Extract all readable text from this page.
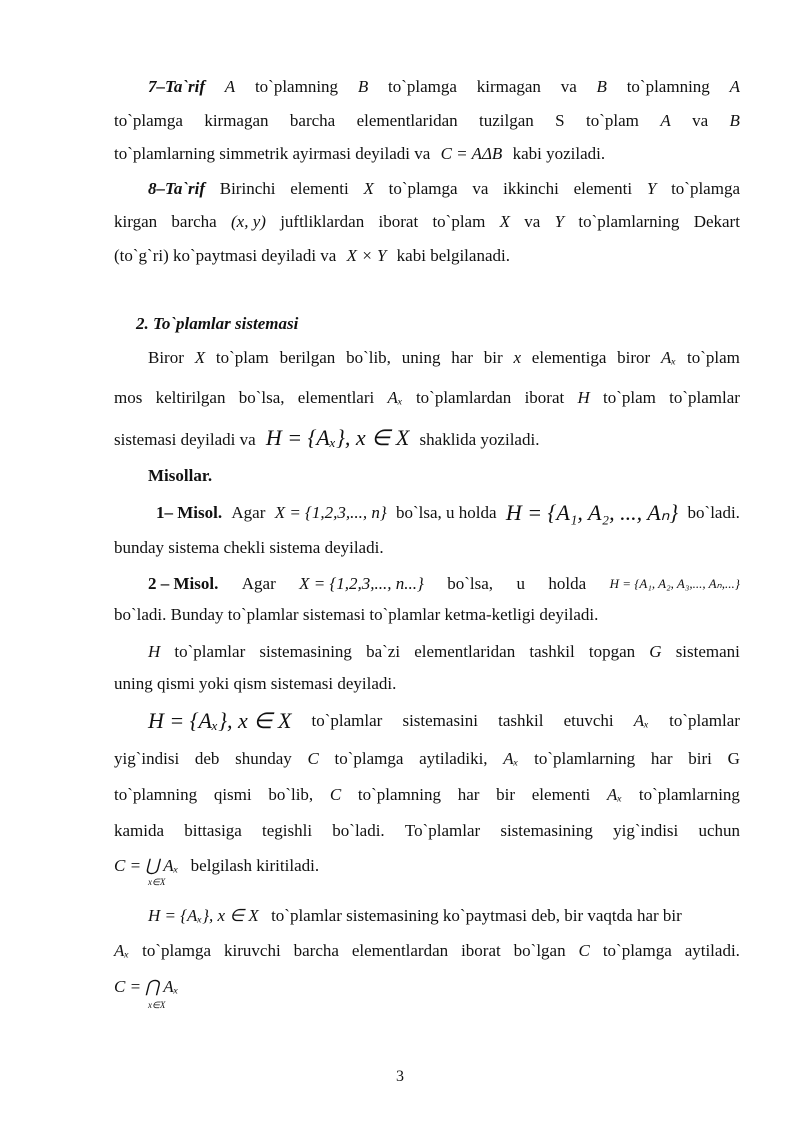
7–Ta`rif A to`plamning B to`plamga kirmagan va B to`plamning A
to`plamga kirmagan barcha elementlaridan tuzilgan S to`plam A va B
to`plamlarning simmetrik ayirmasi deyiladi va C = AΔB kabi yoziladi.
8–Ta`rif Birinchi elementi X to`plamga va ikkinchi elementi Y to`plamga
kirgan barcha (x, y) juftliklardan iborat to`plam X va Y to`plamlarning Dekart
(to`g`ri) ko`paytmasi deyiladi va X × Y kabi belgilanadi.
2. To`plamlar sistemasi
Biror X to`plam berilgan bo`lib, uning har bir x elementiga biror Aₓ to`plam
mos keltirilgan bo`lsa, elementlari Aₓ to`plamlardan iborat H to`plam to`plamlar
sistemasi deyiladi va H = {Aₓ}, x ∈ X shaklida yoziladi.
Misollar.
1– Misol. Agar X = {1,2,3,..., n} bo`lsa, u holda H = {A₁, A₂, ..., Aₙ} bo`ladi.
bunday sistema chekli sistema deyiladi.
2 – Misol. Agar X = {1,2,3,..., n...} bo`lsa, u holda H = {A₁, A₂, A₃,..., Aₙ,...}
bo`ladi. Bunday to`plamlar sistemasi to`plamlar ketma-ketligi deyiladi.
H to`plamlar sistemasining ba`zi elementlaridan tashkil topgan G sistemani
uning qismi yoki qism sistemasi deyiladi.
H = {Aₓ}, x ∈ X to`plamlar sistemasini tashkil etuvchi Aₓ to`plamlar
yig`indisi deb shunday C to`plamga aytiladiki, Aₓ to`plamlarning har biri G
to`plamning qismi bo`lib, C to`plamning har bir elementi Aₓ to`plamlarning
kamida bittasiga tegishli bo`ladi. To`plamlar sistemasining yig`indisi uchun
C = ⋃ Aₓ belgilash kiritiladi.
x∈X
H = {Aₓ}, x ∈ X to`plamlar sistemasining ko`paytmasi deb, bir vaqtda har bir
Aₓ to`plamga kiruvchi barcha elementlardan iborat bo`lgan C to`plamga aytiladi.
C = ⋂ Aₓ
x∈X
3
